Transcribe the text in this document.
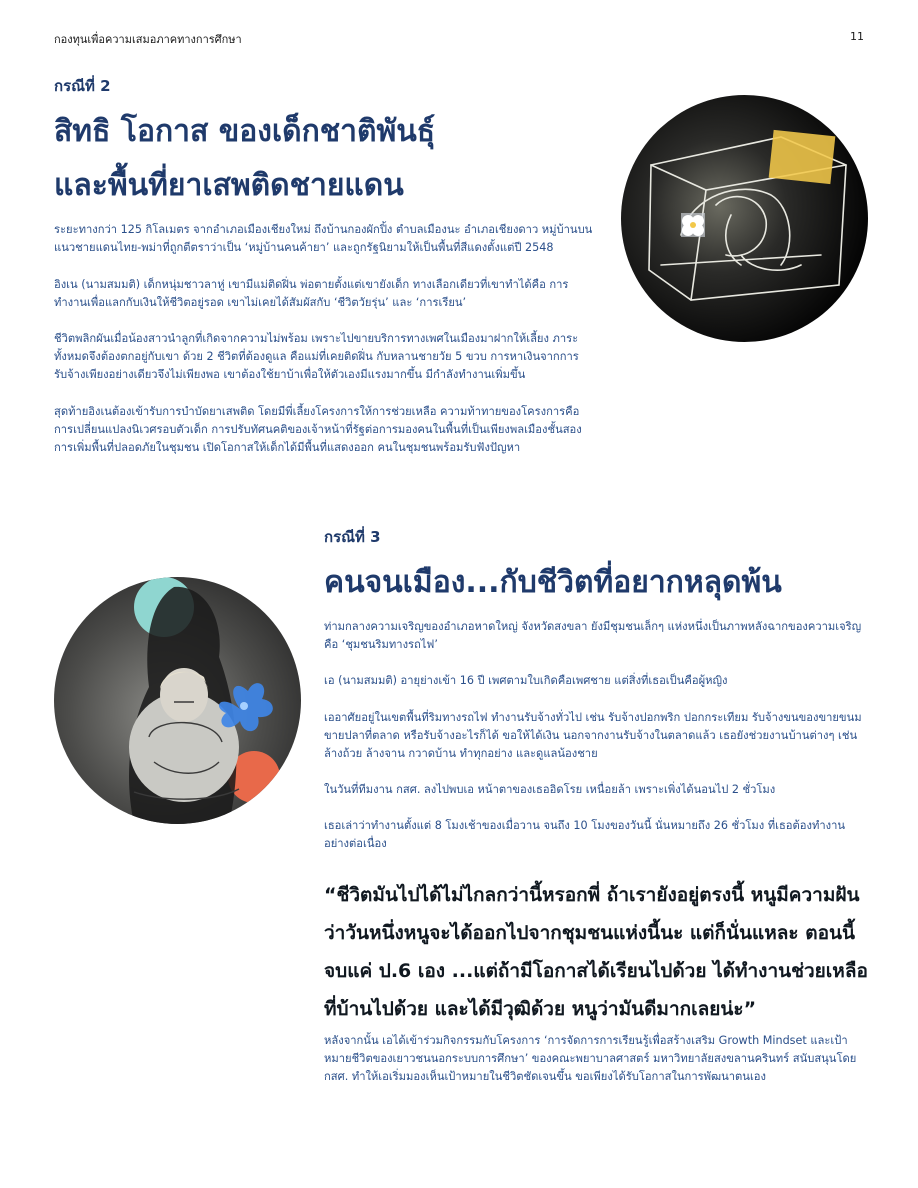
กองทุนเพื่อความเสมอภาคทางการศึกษา	11
กรณีที่ 2
สิทธิ โอกาส ของเด็กชาติพันธุ์
และพื้นที่ยาเสพติดชายแดน

ระยะทางกว่า 125 กิโลเมตร จากอำเภอเมืองเชียงใหม่ ถึงบ้านกองผักปิ้ง ตำบลเมืองนะ อำเภอเชียงดาว หมู่บ้านบนแนวชายแดนไทย-พม่าที่ถูกตีตราว่าเป็น ‘หมู่บ้านคนค้ายา’ และถูกรัฐนิยามให้เป็นพื้นที่สีแดงตั้งแต่ปี 2548

อิงเน (นามสมมติ) เด็กหนุ่มชาวลาหู่ เขามีแม่ติดฝิ่น พ่อตายตั้งแต่เขายังเด็ก ทางเลือกเดียวที่เขาทำได้คือ การทำงานเพื่อแลกกับเงินให้ชีวิตอยู่รอด เขาไม่เคยได้สัมผัสกับ ‘ชีวิตวัยรุ่น’ และ ‘การเรียน’

ชีวิตพลิกผันเมื่อน้องสาวนำลูกที่เกิดจากความไม่พร้อม เพราะไปขายบริการทางเพศในเมืองมาฝากให้เลี้ยง ภาระทั้งหมดจึงต้องตกอยู่กับเขา ด้วย 2 ชีวิตที่ต้องดูแล คือแม่ที่เคยติดฝิ่น กับหลานชายวัย 5 ขวบ การหาเงินจากการรับจ้างเพียงอย่างเดียวจึงไม่เพียงพอ เขาต้องใช้ยาบ้าเพื่อให้ตัวเองมีแรงมากขึ้น มีกำลังทำงานเพิ่มขึ้น

สุดท้ายอิงเนต้องเข้ารับการบำบัดยาเสพติด โดยมีพี่เลี้ยงโครงการให้การช่วยเหลือ ความท้าทายของโครงการคือ การเปลี่ยนแปลงนิเวศรอบตัวเด็ก การปรับทัศนคติของเจ้าหน้าที่รัฐต่อการมองคนในพื้นที่เป็นเพียงพลเมืองชั้นสอง การเพิ่มพื้นที่ปลอดภัยในชุมชน เปิดโอกาสให้เด็กได้มีพื้นที่แสดงออก คนในชุมชนพร้อมรับฟังปัญหา

กรณีที่ 3
คนจนเมือง...กับชีวิตที่อยากหลุดพ้น

ท่ามกลางความเจริญของอำเภอหาดใหญ่ จังหวัดสงขลา ยังมีชุมชนเล็กๆ แห่งหนึ่งเป็นภาพหลังฉากของความเจริญ คือ ‘ชุมชนริมทางรถไฟ’

เอ (นามสมมติ) อายุย่างเข้า 16 ปี เพศตามใบเกิดคือเพศชาย แต่สิ่งที่เธอเป็นคือผู้หญิง

เออาศัยอยู่ในเขตพื้นที่ริมทางรถไฟ ทำงานรับจ้างทั่วไป เช่น รับจ้างปอกพริก ปอกกระเทียม รับจ้างขนของขายขนม ขายปลาที่ตลาด หรือรับจ้างอะไรก็ได้ ขอให้ได้เงิน นอกจากงานรับจ้างในตลาดแล้ว เธอยังช่วยงานบ้านต่างๆ เช่น ล้างถ้วย ล้างจาน กวาดบ้าน ทำทุกอย่าง และดูแลน้องชาย

ในวันที่ทีมงาน กสศ. ลงไปพบเอ หน้าตาของเธออิดโรย เหนื่อยล้า เพราะเพิ่งได้นอนไป 2 ชั่วโมง

เธอเล่าว่าทำงานตั้งแต่ 8 โมงเช้าของเมื่อวาน จนถึง 10 โมงของวันนี้ นั่นหมายถึง 26 ชั่วโมง ที่เธอต้องทำงานอย่างต่อเนื่อง

“ชีวิตมันไปได้ไม่ไกลกว่านี้หรอกพี่ ถ้าเรายังอยู่ตรงนี้ หนูมีความฝันว่าวันหนึ่งหนูจะได้ออกไปจากชุมชนแห่งนี้นะ แต่ก็นั่นแหละ ตอนนี้จบแค่ ป.6 เอง ...แต่ถ้ามีโอกาสได้เรียนไปด้วย ได้ทำงานช่วยเหลือที่บ้านไปด้วย และได้มีวุฒิด้วย หนูว่ามันดีมากเลยน่ะ”

หลังจากนั้น เอได้เข้าร่วมกิจกรรมกับโครงการ ‘การจัดการการเรียนรู้เพื่อสร้างเสริม Growth Mindset และเป้าหมายชีวิตของเยาวชนนอกระบบการศึกษา’ ของคณะพยาบาลศาสตร์ มหาวิทยาลัยสงขลานครินทร์ สนับสนุนโดย กสศ. ทำให้เอเริ่มมองเห็นเป้าหมายในชีวิตชัดเจนขึ้น ขอเพียงได้รับโอกาสในการพัฒนาตนเอง
